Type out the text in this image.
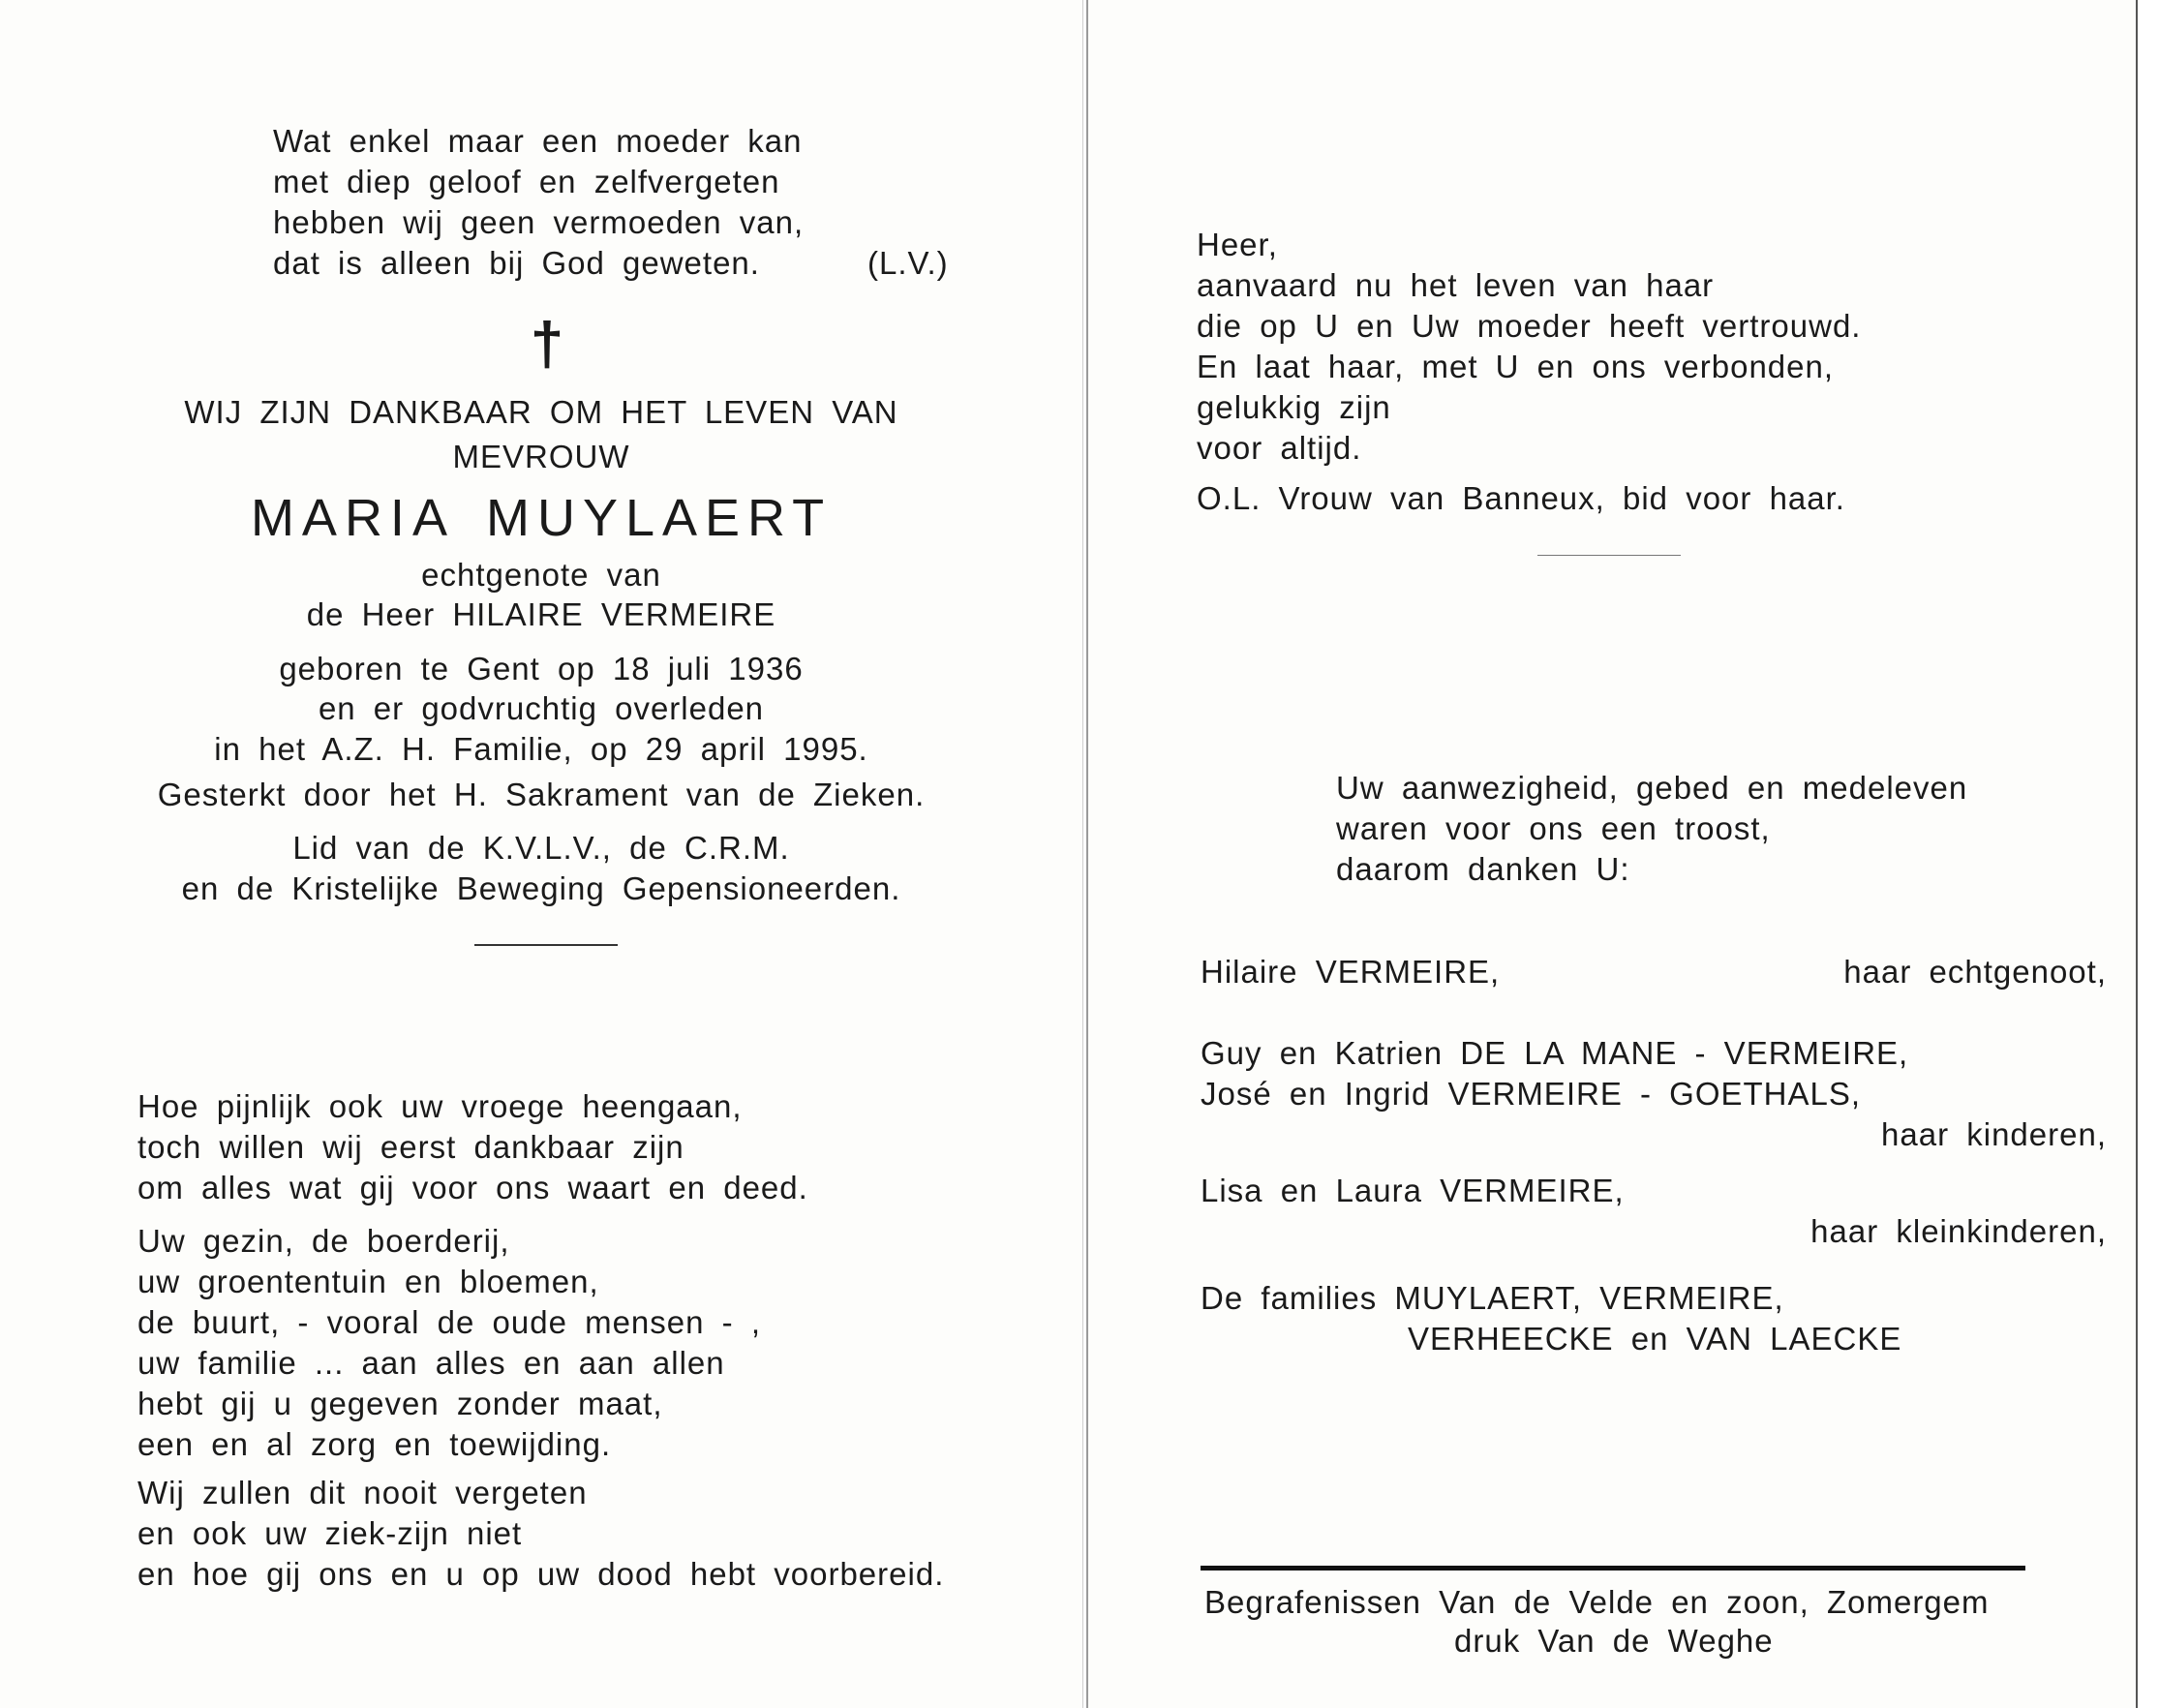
Wat enkel maar een moeder kan
met diep geloof en zelfvergeten
hebben wij geen vermoeden van,
dat is alleen bij God geweten.	(L.V.)
†
WIJ ZIJN DANKBAAR OM HET LEVEN VAN
MEVROUW
MARIA MUYLAERT
echtgenote van
de Heer HILAIRE VERMEIRE
geboren te Gent op 18 juli 1936
en er godvruchtig overleden
in het A.Z. H. Familie, op 29 april 1995.
Gesterkt door het H. Sakrament van de Zieken.
Lid van de K.V.L.V., de C.R.M.
en de Kristelijke Beweging Gepensioneerden.
Hoe pijnlijk ook uw vroege heengaan,
toch willen wij eerst dankbaar zijn
om alles wat gij voor ons waart en deed.
Uw gezin, de boerderij,
uw groententuin en bloemen,
de buurt, - vooral de oude mensen - ,
uw familie ... aan alles en aan allen
hebt gij u gegeven zonder maat,
een en al zorg en toewijding.
Wij zullen dit nooit vergeten
en ook uw ziek-zijn niet
en hoe gij ons en u op uw dood hebt voorbereid.
Heer,
aanvaard nu het leven van haar
die op U en Uw moeder heeft vertrouwd.
En laat haar, met U en ons verbonden,
gelukkig zijn
voor altijd.
O.L. Vrouw van Banneux, bid voor haar.
Uw aanwezigheid, gebed en medeleven
waren voor ons een troost,
daarom danken U:
Hilaire VERMEIRE,	haar echtgenoot,
Guy en Katrien DE LA MANE - VERMEIRE,
José en Ingrid VERMEIRE - GOETHALS,
haar kinderen,
Lisa en Laura VERMEIRE,
haar kleinkinderen,
De families MUYLAERT, VERMEIRE,
VERHEECKE en VAN LAECKE
Begrafenissen Van de Velde en zoon, Zomergem
druk Van de Weghe
